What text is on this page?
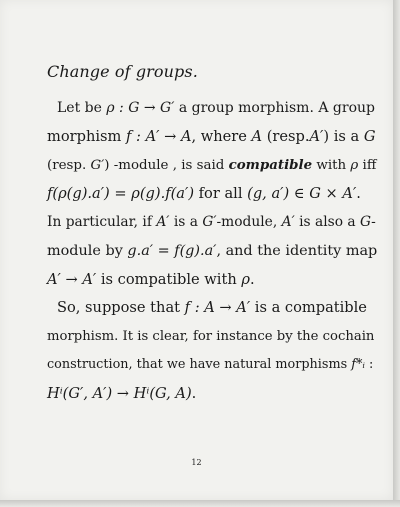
Change of groups.
Let be ρ : G → G′ a group morphism. A group
morphism f : A′ → A, where A (resp.A′) is a G
(resp. G′) -module , is said compatible with ρ iff
f(ρ(g).a′) = ρ(g).f(a′) for all (g, a′) ∈ G × A′.
In particular, if A′ is a G′-module, A′ is also a G-
module by g.a′ = f(g).a′, and the identity map
A′ → A′ is compatible with ρ.
So, suppose that f : A → A′ is a compatible
morphism. It is clear, for instance by the cochain
construction, that we have natural morphisms f*ᵢ :
Hⁱ(G′, A′) → Hⁱ(G, A).
12
